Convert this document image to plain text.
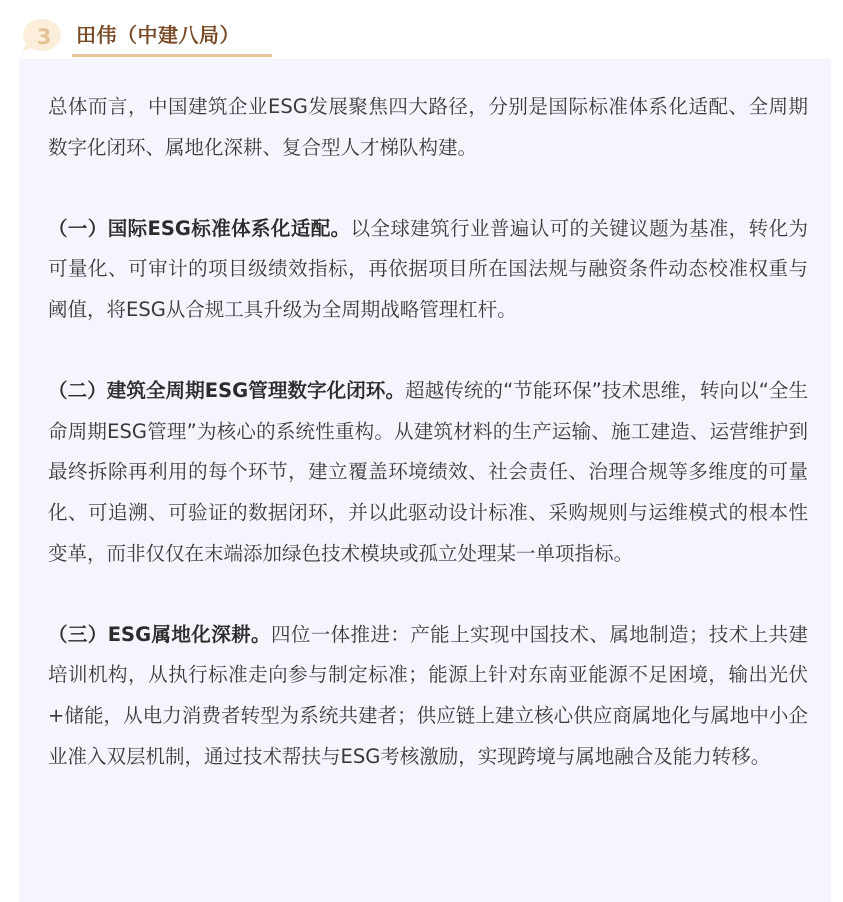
3	田伟（中建八局）

总体而言，中国建筑企业ESG发展聚焦四大路径，分别是国际标准体系化适配、全周期数字化闭环、属地化深耕、复合型人才梯队构建。

（一）国际ESG标准体系化适配。以全球建筑行业普遍认可的关键议题为基准，转化为可量化、可审计的项目级绩效指标，再依据项目所在国法规与融资条件动态校准权重与阈值，将ESG从合规工具升级为全周期战略管理杠杆。

（二）建筑全周期ESG管理数字化闭环。超越传统的“节能环保”技术思维，转向以“全生命周期ESG管理”为核心的系统性重构。从建筑材料的生产运输、施工建造、运营维护到最终拆除再利用的每个环节，建立覆盖环境绩效、社会责任、治理合规等多维度的可量化、可追溯、可验证的数据闭环，并以此驱动设计标准、采购规则与运维模式的根本性变革，而非仅仅在末端添加绿色技术模块或孤立处理某一单项指标。

（三）ESG属地化深耕。四位一体推进：产能上实现中国技术、属地制造；技术上共建培训机构，从执行标准走向参与制定标准；能源上针对东南亚能源不足困境，输出光伏+储能，从电力消费者转型为系统共建者；供应链上建立核心供应商属地化与属地中小企业准入双层机制，通过技术帮扶与ESG考核激励，实现跨境与属地融合及能力转移。
